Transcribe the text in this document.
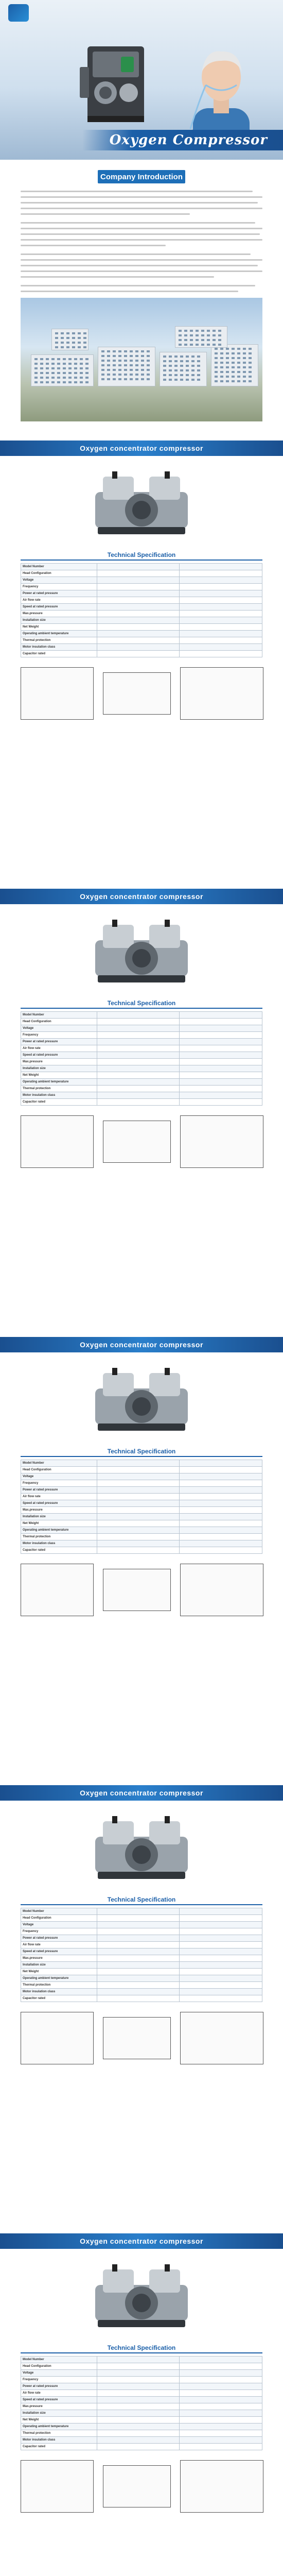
Oxygen Compressor
Company Introduction
Oxygen concentrator compressor
Technical Specification
Model Number		
Head Configuration		
Voltage		
Frequency		
Power at rated pressure		
Air flow rate		
Speed at rated pressure		
Max.pressure		
Installation size		
Net Weight		
Operating ambient temperature		
Thermal protection		
Motor insulation class		
Capacitor rated		
Oxygen concentrator compressor
Technical Specification
Model Number		
Head Configuration		
Voltage		
Frequency		
Power at rated pressure		
Air flow rate		
Speed at rated pressure		
Max.pressure		
Installation size		
Net Weight		
Operating ambient temperature		
Thermal protection		
Motor insulation class		
Capacitor rated		
Oxygen concentrator compressor
Technical Specification
Model Number		
Head Configuration		
Voltage		
Frequency		
Power at rated pressure		
Air flow rate		
Speed at rated pressure		
Max.pressure		
Installation size		
Net Weight		
Operating ambient temperature		
Thermal protection		
Motor insulation class		
Capacitor rated		
Oxygen concentrator compressor
Technical Specification
Model Number		
Head Configuration		
Voltage		
Frequency		
Power at rated pressure		
Air flow rate		
Speed at rated pressure		
Max.pressure		
Installation size		
Net Weight		
Operating ambient temperature		
Thermal protection		
Motor insulation class		
Capacitor rated		
Oxygen concentrator compressor
Technical Specification
Model Number		
Head Configuration		
Voltage		
Frequency		
Power at rated pressure		
Air flow rate		
Speed at rated pressure		
Max.pressure		
Installation size		
Net Weight		
Operating ambient temperature		
Thermal protection		
Motor insulation class		
Capacitor rated		
